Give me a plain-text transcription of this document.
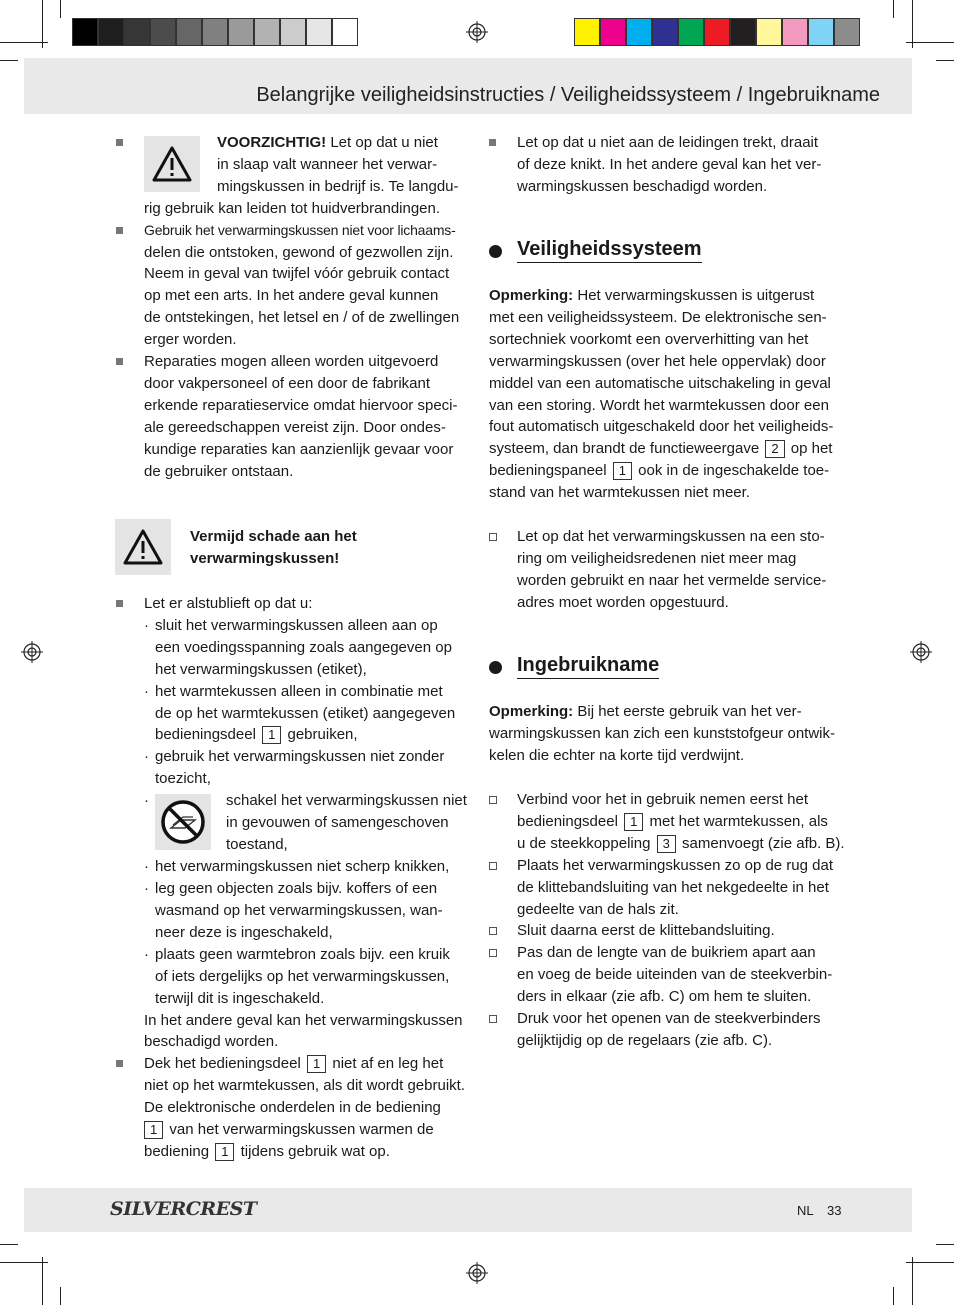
Belangrijke veiligheidsinstructies / Veiligheidssysteem / Ingebruikname
VOORZICHTIG! Let op dat u niet
in slaap valt wanneer het verwar-
mingskussen in bedrijf is. Te langdu-
rig gebruik kan leiden tot huidverbrandingen.
Gebruik het verwarmingskussen niet voor lichaams-
delen die ontstoken, gewond of gezwollen zijn.
Neem in geval van twijfel vóór gebruik contact
op met een arts. In het andere geval kunnen
de ontstekingen, het letsel en / of de zwellingen
erger worden.
Reparaties mogen alleen worden uitgevoerd
door vakpersoneel of een door de fabrikant
erkende reparatieservice omdat hiervoor speci-
ale gereedschappen vereist zijn. Door ondes-
kundige reparaties kan aanzienlijk gevaar voor
de gebruiker ontstaan.
Vermijd schade aan het
verwarmingskussen!
Let er alstublieft op dat u:
· sluit het verwarmingskussen alleen aan op
een voedingsspanning zoals aangegeven op
het verwarmingskussen (etiket),
· het warmtekussen alleen in combinatie met
de op het warmtekussen (etiket) aangegeven
bedieningsdeel 1 gebruiken,
· gebruik het verwarmingskussen niet zonder
toezicht,
· schakel het verwarmingskussen niet
in gevouwen of samengeschoven
toestand,
· het verwarmingskussen niet scherp knikken,
· leg geen objecten zoals bijv. koffers of een
wasmand op het verwarmingskussen, wan-
neer deze is ingeschakeld,
· plaats geen warmtebron zoals bijv. een kruik
of iets dergelijks op het verwarmingskussen,
terwijl dit is ingeschakeld.
In het andere geval kan het verwarmingskussen
beschadigd worden.
Dek het bedieningsdeel 1 niet af en leg het
niet op het warmtekussen, als dit wordt gebruikt.
De elektronische onderdelen in de bediening
1 van het verwarmingskussen warmen de
bediening 1 tijdens gebruik wat op.
Let op dat u niet aan de leidingen trekt, draait
of deze knikt. In het andere geval kan het ver-
warmingskussen beschadigd worden.
Veiligheidssysteem
Opmerking: Het verwarmingskussen is uitgerust
met een veiligheidssysteem. De elektronische sen-
sortechniek voorkomt een oververhitting van het
verwarmingskussen (over het hele oppervlak) door
middel van een automatische uitschakeling in geval
van een storing. Wordt het warmtekussen door een
fout automatisch uitgeschakeld door het veiligheids-
systeem, dan brandt de functieweergave 2 op het
bedieningspaneel 1 ook in de ingeschakelde toe-
stand van het warmtekussen niet meer.
Let op dat het verwarmingskussen na een sto-
ring om veiligheidsredenen niet meer mag
worden gebruikt en naar het vermelde service-
adres moet worden opgestuurd.
Ingebruikname
Opmerking: Bij het eerste gebruik van het ver-
warmingskussen kan zich een kunststofgeur ontwik-
kelen die echter na korte tijd verdwijnt.
Verbind voor het in gebruik nemen eerst het
bedieningsdeel 1 met het warmtekussen, als
u de steekkoppeling 3 samenvoegt (zie afb. B).
Plaats het verwarmingskussen zo op de rug dat
de klittebandsluiting van het nekgedeelte in het
gedeelte van de hals zit.
Sluit daarna eerst de klittebandsluiting.
Pas dan de lengte van de buikriem apart aan
en voeg de beide uiteinden van de steekverbin-
ders in elkaar (zie afb. C) om hem te sluiten.
Druk voor het openen van de steekverbinders
gelijktijdig op de regelaars (zie afb. C).
SILVERCREST	NL 33
